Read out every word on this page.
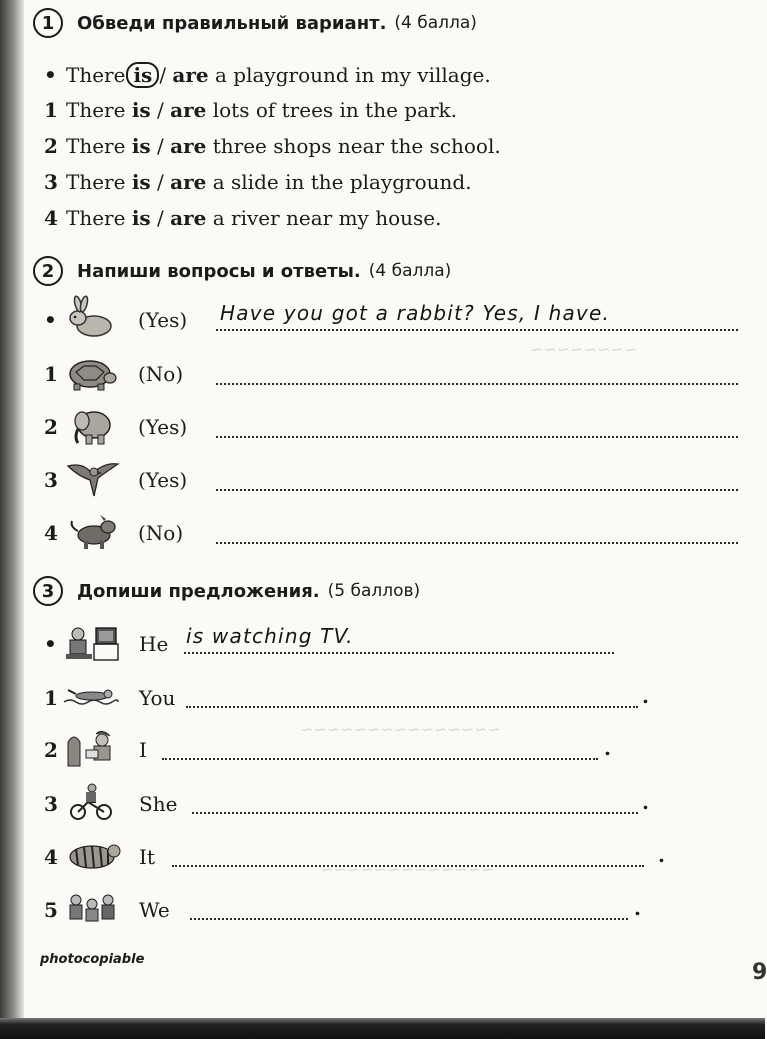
~~~~~~~~
~~~~~~~~~~~~~~~
~~~~~~~~~~~~~
1	Обведи правильный вариант. (4 балла)
• There is / are a playground in my village.
1 There is / are lots of trees in the park.
2 There is / are three shops near the school.
3 There is / are a slide in the playground.
4 There is / are a river near my house.
2	Напиши вопросы и ответы. (4 балла)
•	(Yes) Have you got a rabbit? Yes, I have.
1	(No)
2	(Yes)
3	(Yes)
4	(No)
3	Допиши предложения. (5 баллов)
•	He is watching TV.
1	You	.
2	I	.
3	She	.
4	It	.
5	We	.
photocopiable
9
